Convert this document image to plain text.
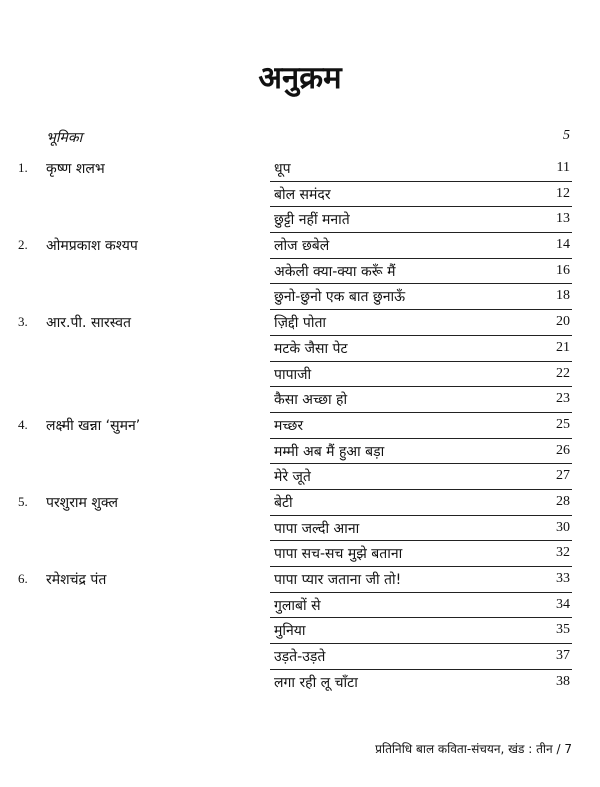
अनुक्रम
भूमिका	5
1. कृष्ण शलभ	धूप	11
बोल समंदर	12
छुट्टी नहीं मनाते	13
2. ओमप्रकाश कश्यप	लोज छबेले	14
अकेली क्या-क्या करूँ मैं	16
छुनो-छुनो एक बात छुनाऊँ	18
3. आर.पी. सारस्वत	ज़िद्दी पोता	20
मटके जैसा पेट	21
पापाजी	22
कैसा अच्छा हो	23
4. लक्ष्मी खन्ना ‘सुमन’	मच्छर	25
मम्मी अब मैं हुआ बड़ा	26
मेरे जूते	27
5. परशुराम शुक्ल	बेटी	28
पापा जल्दी आना	30
पापा सच-सच मुझे बताना	32
6. रमेशचंद्र पंत	पापा प्यार जताना जी तो!	33
गुलाबों से	34
मुनिया	35
उड़ते-उड़ते	37
लगा रही लू चाँटा	38
प्रतिनिधि बाल कविता-संचयन, खंड : तीन / 7
